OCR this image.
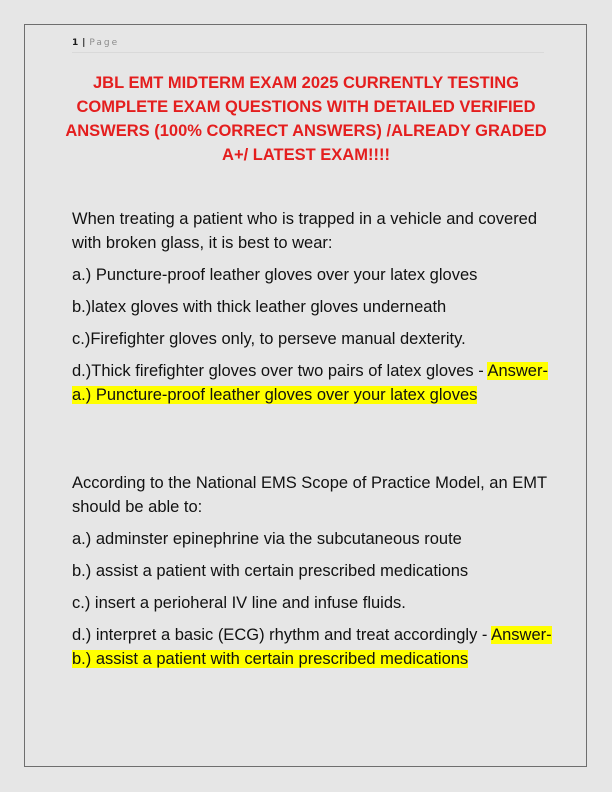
1 | Page
JBL EMT MIDTERM EXAM 2025 CURRENTLY TESTING COMPLETE EXAM QUESTIONS WITH DETAILED VERIFIED ANSWERS (100% CORRECT ANSWERS) /ALREADY GRADED A+/ LATEST EXAM!!!!

When treating a patient who is trapped in a vehicle and covered with broken glass, it is best to wear:

a.) Puncture-proof leather gloves over your latex gloves

b.)latex gloves with thick leather gloves underneath

c.)Firefighter gloves only, to perseve manual dexterity.

d.)Thick firefighter gloves over two pairs of latex gloves - Answer-a.) Puncture-proof leather gloves over your latex gloves

According to the National EMS Scope of Practice Model, an EMT should be able to:

a.) adminster epinephrine via the subcutaneous route

b.) assist a patient with certain prescribed medications

c.) insert a perioheral IV line and infuse fluids.

d.) interpret a basic (ECG) rhythm and treat accordingly - Answer-b.) assist a patient with certain prescribed medications
